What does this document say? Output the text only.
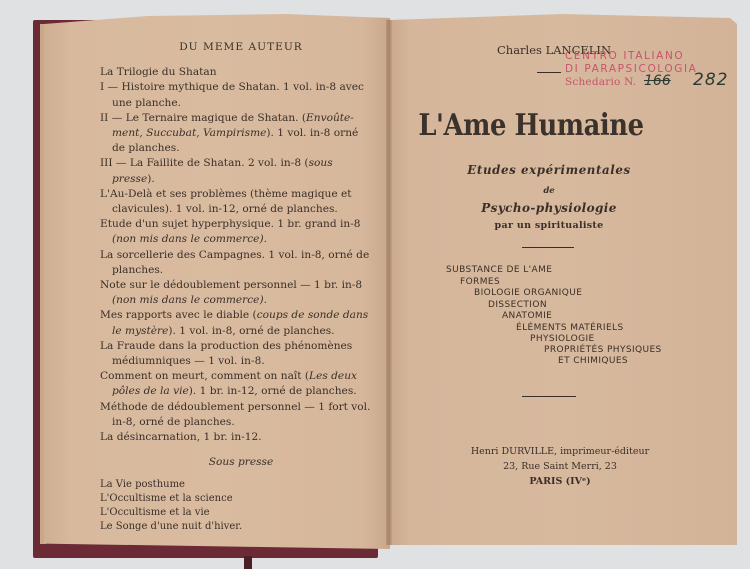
DU MEME AUTEUR
La Trilogie du Shatan
I — Histoire mythique de Shatan. 1 vol. in-8 avec
une planche.
II — Le Ternaire magique de Shatan. (Envoûte-
ment, Succubat, Vampirisme). 1 vol. in-8 orné
de planches.
III — La Faillite de Shatan. 2 vol. in-8 (sous
presse).
L'Au-Delà et ses problèmes (thème magique et
clavicules). 1 vol. in-12, orné de planches.
Etude d'un sujet hyperphysique. 1 br. grand in-8
(non mis dans le commerce).
La sorcellerie des Campagnes. 1 vol. in-8, orné de
planches.
Note sur le dédoublement personnel — 1 br. in-8
(non mis dans le commerce).
Mes rapports avec le diable (coups de sonde dans
le mystère). 1 vol. in-8, orné de planches.
La Fraude dans la production des phénomènes
médiumniques — 1 vol. in-8.
Comment on meurt, comment on naît (Les deux
pôles de la vie). 1 br. in-12, orné de planches.
Méthode de dédoublement personnel — 1 fort vol.
in-8, orné de planches.
La désincarnation, 1 br. in-12.
Sous presse
La Vie posthume
L'Occultisme et la science
L'Occultisme et la vie
Le Songe d'une nuit d'hiver.
Charles LANCELIN
CENTRO ITALIANO
DI PARAPSICOLOGIA
Schedario N. 166 282
L'Ame Humaine
Etudes expérimentales
de
Psycho-physiologie
par un spiritualiste
SUBSTANCE DE L'AME
FORMES
BIOLOGIE ORGANIQUE
DISSECTION
ANATOMIE
ÉLÉMENTS MATÉRIELS
PHYSIOLOGIE
PROPRIÉTÉS PHYSIQUES
ET CHIMIQUES
Henri DURVILLE, imprimeur-éditeur
23, Rue Saint Merri, 23
PARIS (IVᵉ)
